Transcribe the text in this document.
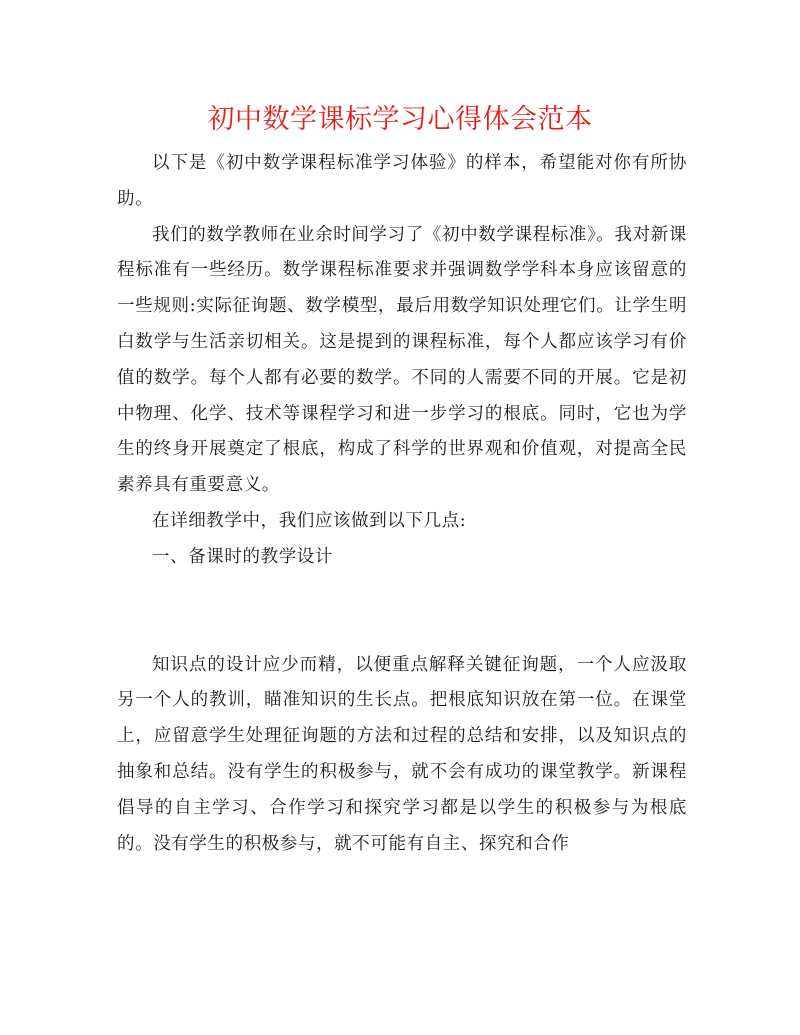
初中数学课标学习心得体会范本

以下是《初中数学课程标准学习体验》的样本，希望能对你有所协助。

我们的数学教师在业余时间学习了《初中数学课程标准》。我对新课程标准有一些经历。数学课程标准要求并强调数学学科本身应该留意的一些规则:实际征询题、数学模型，最后用数学知识处理它们。让学生明白数学与生活亲切相关。这是提到的课程标准，每个人都应该学习有价值的数学。每个人都有必要的数学。不同的人需要不同的开展。它是初中物理、化学、技术等课程学习和进一步学习的根底。同时，它也为学生的终身开展奠定了根底，构成了科学的世界观和价值观，对提高全民素养具有重要意义。

在详细教学中，我们应该做到以下几点:

一、备课时的教学设计

知识点的设计应少而精，以便重点解释关键征询题，一个人应汲取另一个人的教训，瞄准知识的生长点。把根底知识放在第一位。在课堂上，应留意学生处理征询题的方法和过程的总结和安排，以及知识点的抽象和总结。没有学生的积极参与，就不会有成功的课堂教学。新课程倡导的自主学习、合作学习和探究学习都是以学生的积极参与为根底的。没有学生的积极参与，就不可能有自主、探究和合作
